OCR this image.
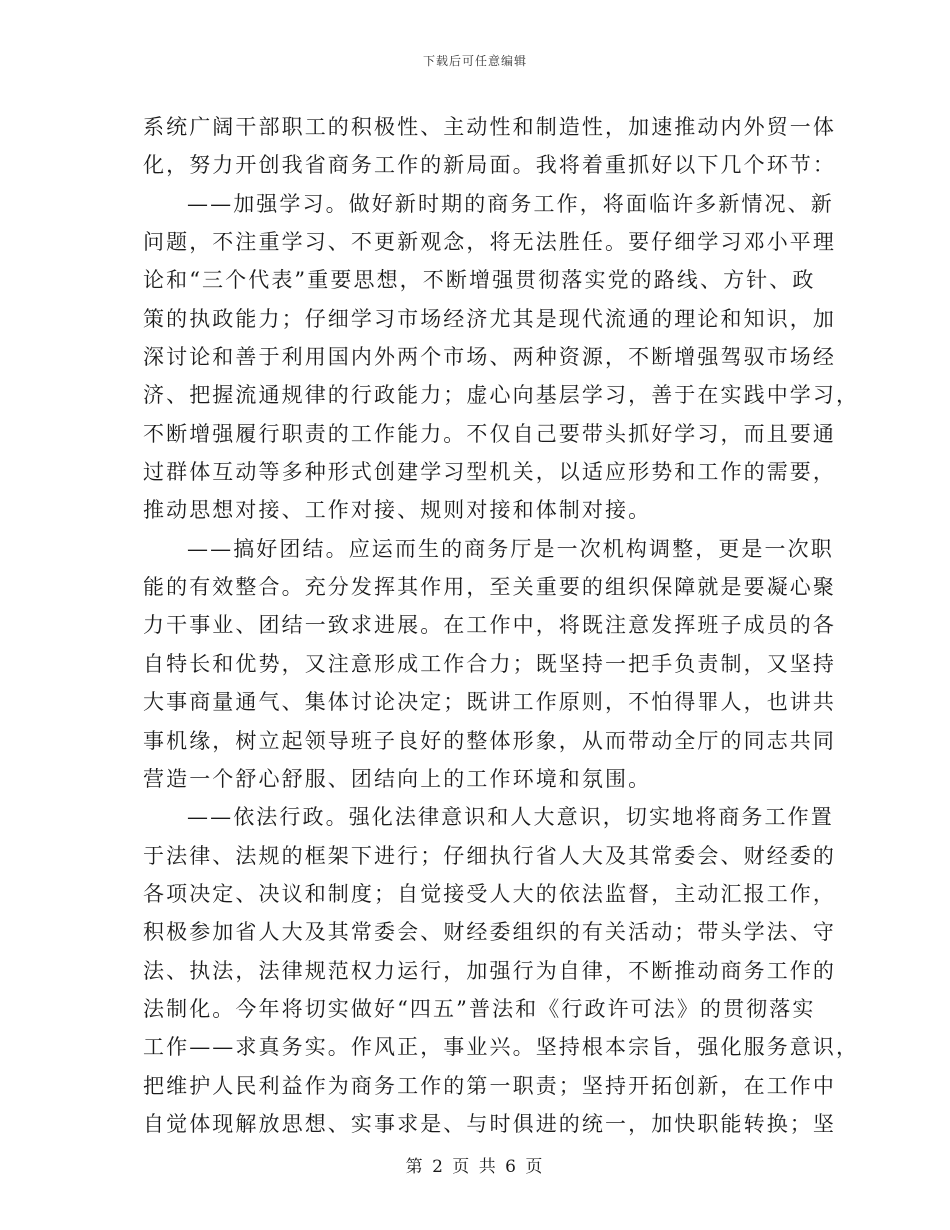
下载后可任意编辑
系统广阔干部职工的积极性、主动性和制造性，加速推动内外贸一体
化，努力开创我省商务工作的新局面。我将着重抓好以下几个环节：
——加强学习。做好新时期的商务工作，将面临许多新情况、新
问题，不注重学习、不更新观念，将无法胜任。要仔细学习邓小平理
论和“三个代表”重要思想，不断增强贯彻落实党的路线、方针、政
策的执政能力；仔细学习市场经济尤其是现代流通的理论和知识，加
深讨论和善于利用国内外两个市场、两种资源，不断增强驾驭市场经
济、把握流通规律的行政能力；虚心向基层学习，善于在实践中学习，
不断增强履行职责的工作能力。不仅自己要带头抓好学习，而且要通
过群体互动等多种形式创建学习型机关，以适应形势和工作的需要，
推动思想对接、工作对接、规则对接和体制对接。
——搞好团结。应运而生的商务厅是一次机构调整，更是一次职
能的有效整合。充分发挥其作用，至关重要的组织保障就是要凝心聚
力干事业、团结一致求进展。在工作中，将既注意发挥班子成员的各
自特长和优势，又注意形成工作合力；既坚持一把手负责制，又坚持
大事商量通气、集体讨论决定；既讲工作原则，不怕得罪人，也讲共
事机缘，树立起领导班子良好的整体形象，从而带动全厅的同志共同
营造一个舒心舒服、团结向上的工作环境和氛围。
——依法行政。强化法律意识和人大意识，切实地将商务工作置
于法律、法规的框架下进行；仔细执行省人大及其常委会、财经委的
各项决定、决议和制度；自觉接受人大的依法监督，主动汇报工作，
积极参加省人大及其常委会、财经委组织的有关活动；带头学法、守
法、执法，法律规范权力运行，加强行为自律，不断推动商务工作的
法制化。今年将切实做好“四五”普法和《行政许可法》的贯彻落实
工作——求真务实。作风正，事业兴。坚持根本宗旨，强化服务意识，
把维护人民利益作为商务工作的第一职责；坚持开拓创新，在工作中
自觉体现解放思想、实事求是、与时俱进的统一，加快职能转换；坚
第 2 页 共 6 页
